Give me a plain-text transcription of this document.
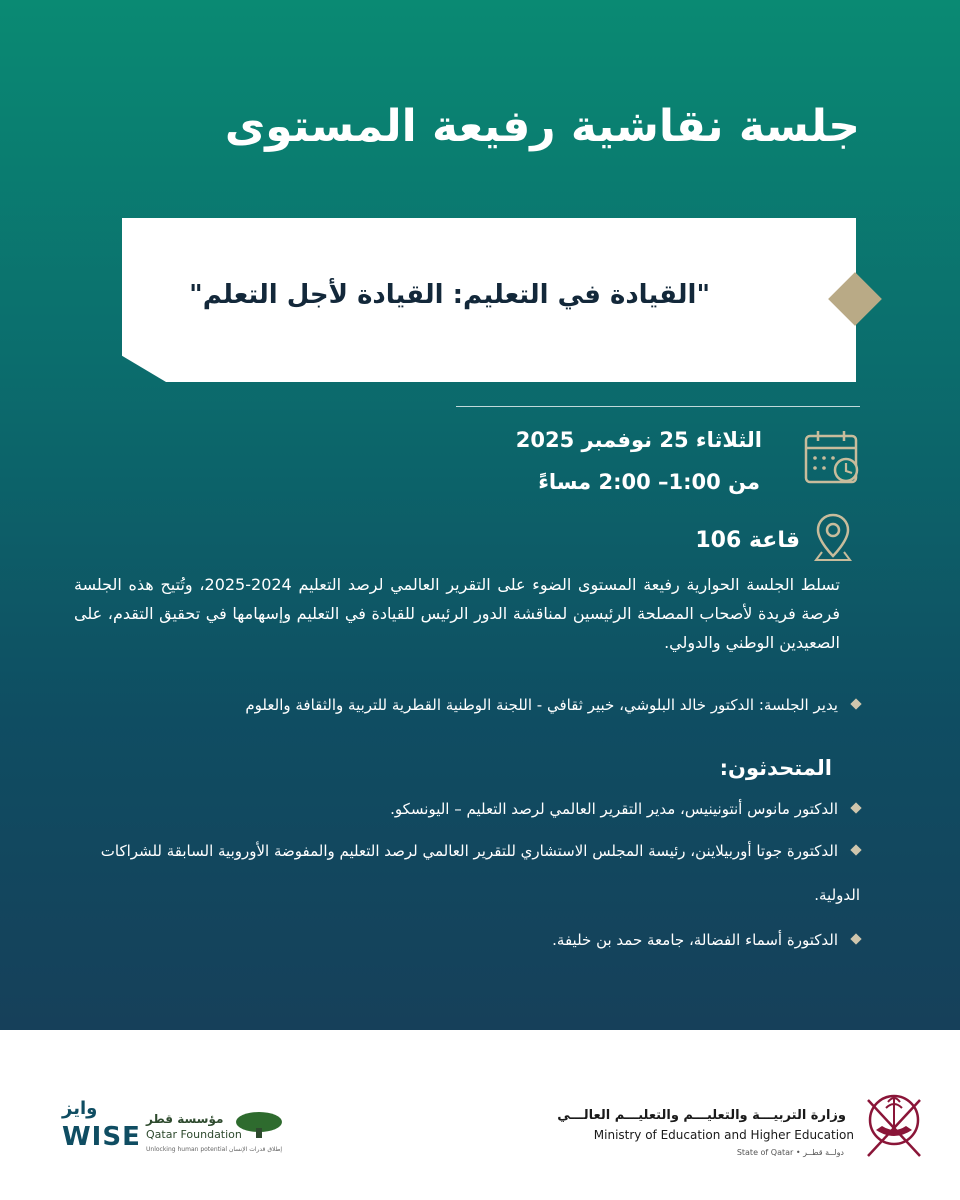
جلسة نقاشية رفيعة المستوى
"القيادة في التعليم: القيادة لأجل التعلم"
الثلاثاء 25 نوفمبر 2025
من 1:00– 2:00 مساءً
قاعة 106
تسلط الجلسة الحوارية رفيعة المستوى الضوء على التقرير العالمي لرصد التعليم 2024-2025، وتُتيح هذه الجلسة فرصة فريدة لأصحاب المصلحة الرئيسين لمناقشة الدور الرئيس للقيادة في التعليم وإسهامها في تحقيق التقدم، على الصعيدين الوطني والدولي.
يدير الجلسة: الدكتور خالد البلوشي، خبير ثقافي - اللجنة الوطنية القطرية للتربية والثقافة والعلوم
المتحدثون:
الدكتور مانوس أنتونينيس، مدير التقرير العالمي لرصد التعليم – اليونسكو.
الدكتورة جوتا أوربيلاينن، رئيسة المجلس الاستشاري للتقرير العالمي لرصد التعليم والمفوضة الأوروبية السابقة للشراكات الدولية.
الدكتورة أسماء الفضالة، جامعة حمد بن خليفة.
وزارة التربيـــة والتعليـــم والتعليـــم العالـــي
Ministry of Education and Higher Education
State of Qatar • دولــة قطــر
مؤسسة قطر
Qatar Foundation
Unlocking human potential إطلاق قدرات الإنسان
وايز
WISE
